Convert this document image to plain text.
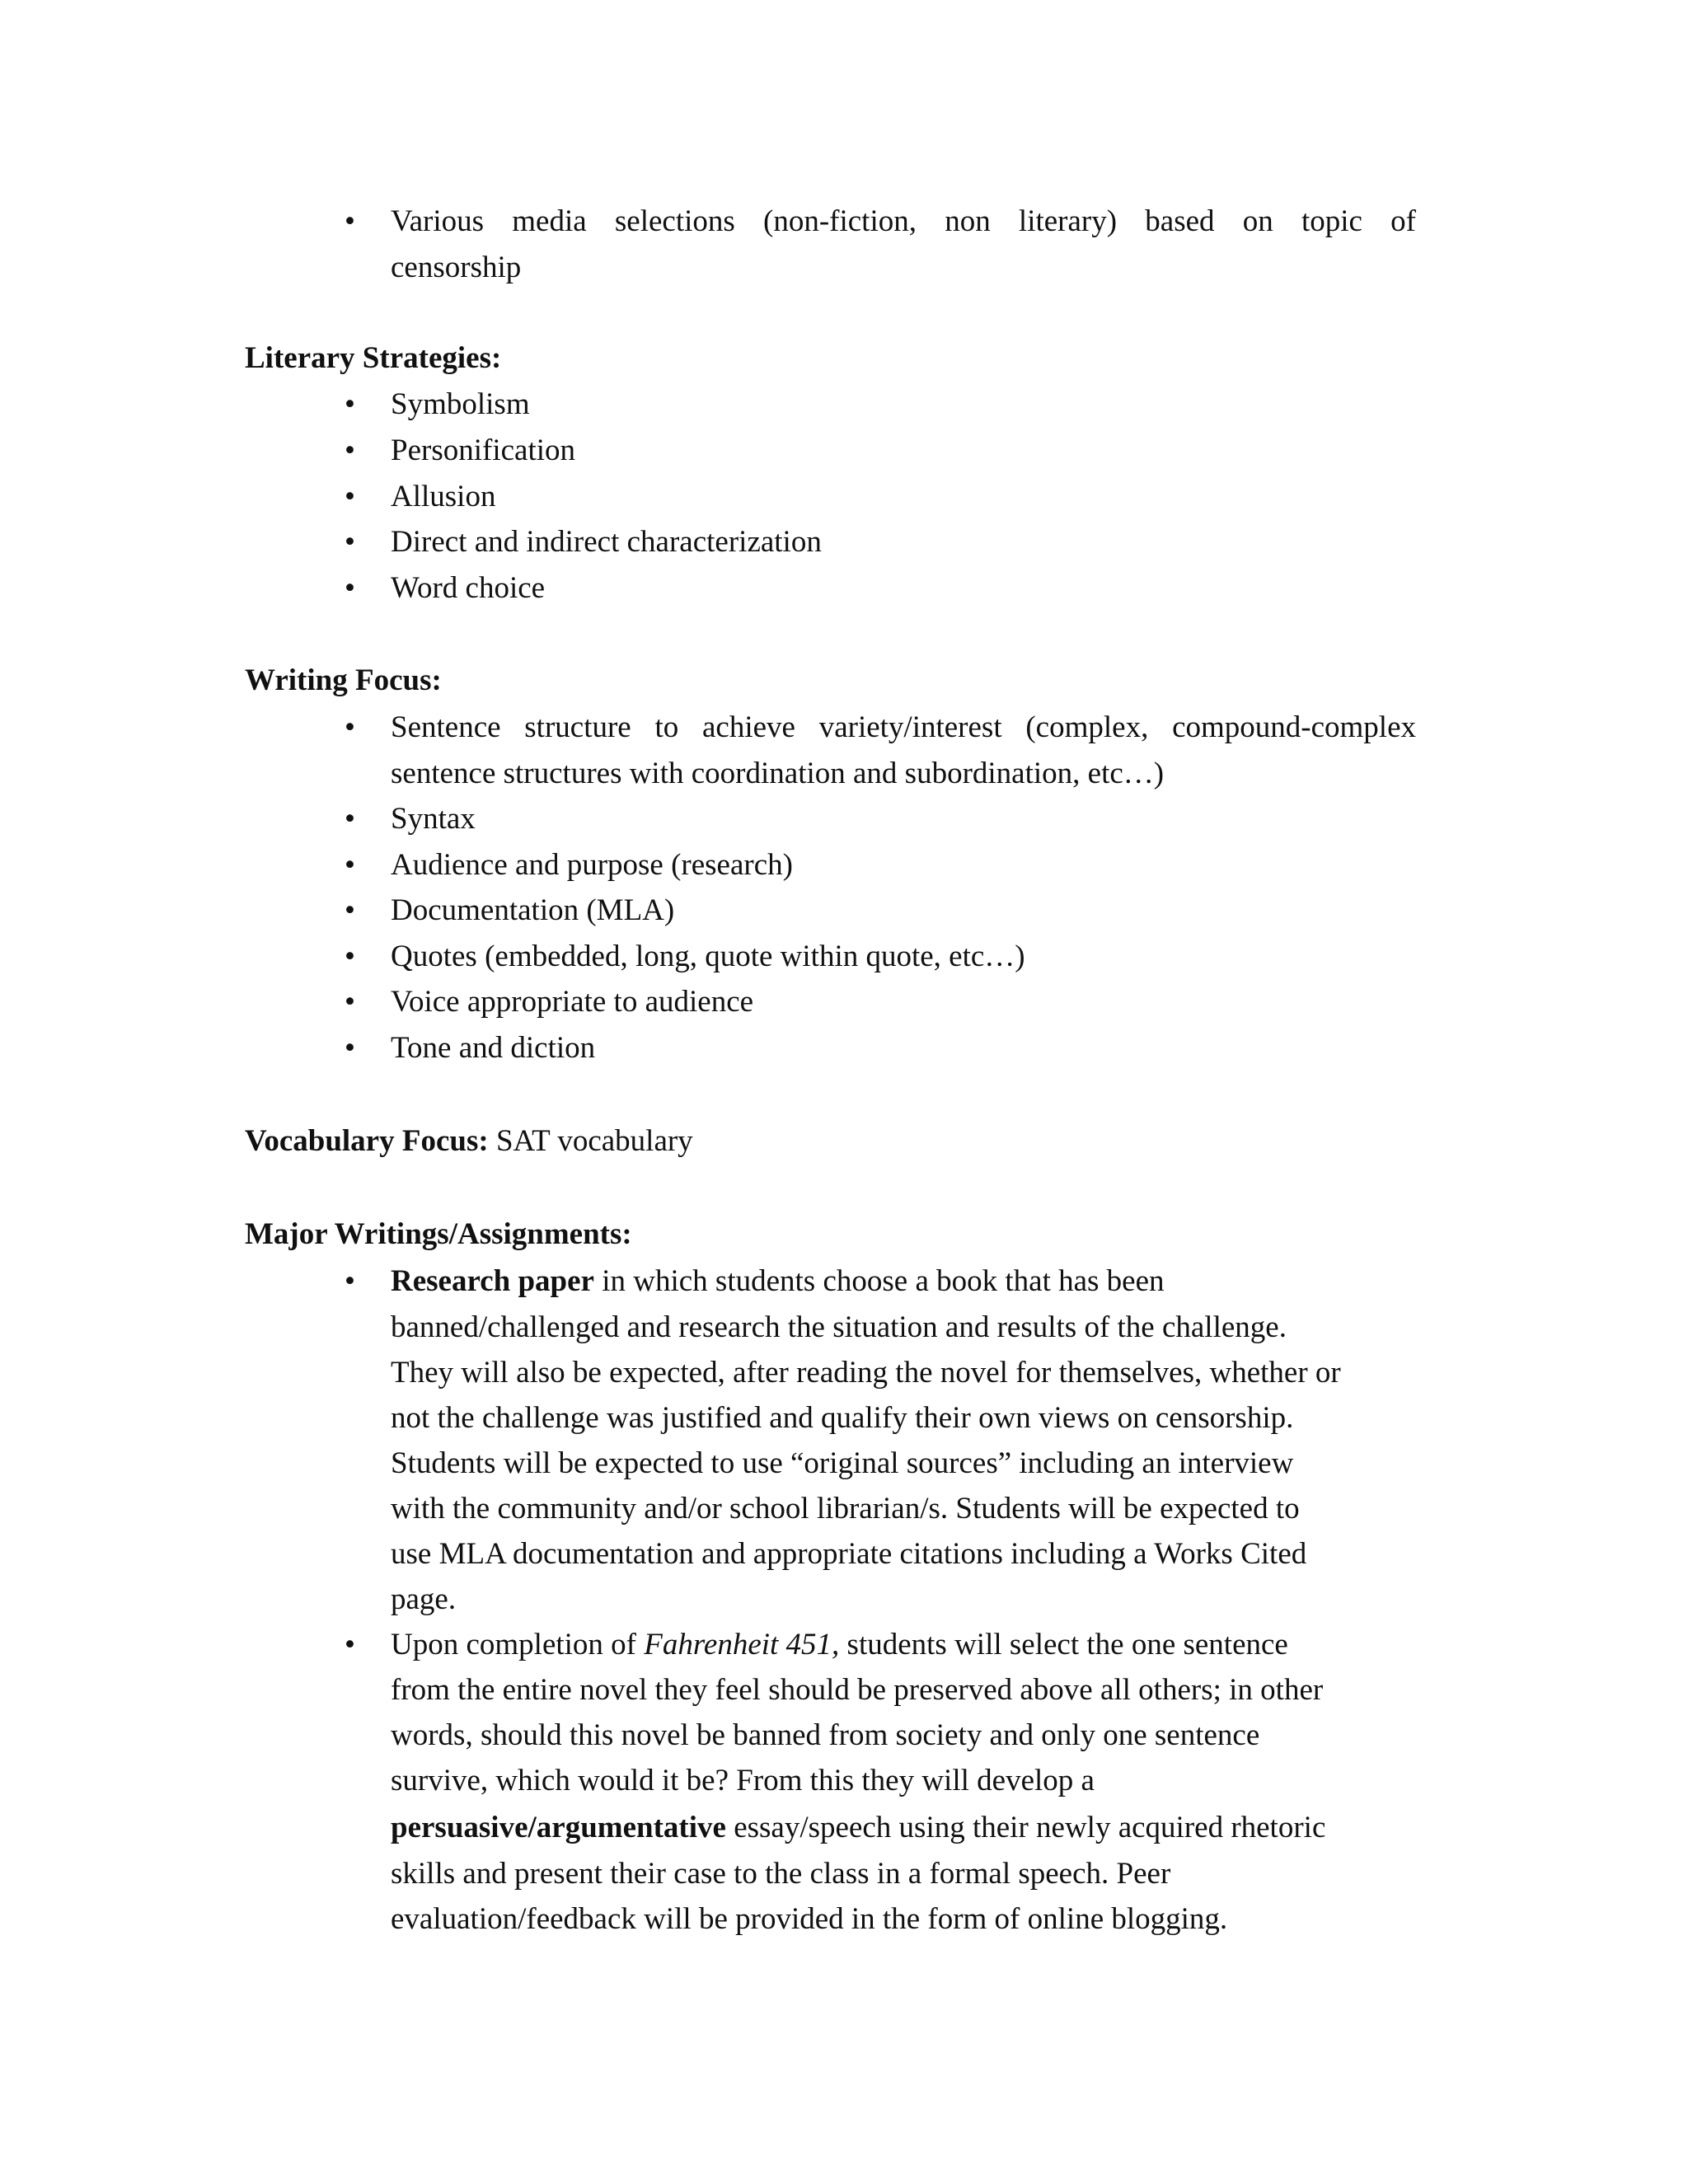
• Various media selections (non-fiction, non literary) based on topic of
censorship
Literary Strategies:
• Symbolism
• Personification
• Allusion
• Direct and indirect characterization
• Word choice
Writing Focus:
• Sentence structure to achieve variety/interest (complex, compound-complex
sentence structures with coordination and subordination, etc…)
• Syntax
• Audience and purpose (research)
• Documentation (MLA)
• Quotes (embedded, long, quote within quote, etc…)
• Voice appropriate to audience
• Tone and diction
Vocabulary Focus: SAT vocabulary
Major Writings/Assignments:
• Research paper in which students choose a book that has been
banned/challenged and research the situation and results of the challenge.
They will also be expected, after reading the novel for themselves, whether or
not the challenge was justified and qualify their own views on censorship.
Students will be expected to use “original sources” including an interview
with the community and/or school librarian/s. Students will be expected to
use MLA documentation and appropriate citations including a Works Cited
page.
• Upon completion of Fahrenheit 451, students will select the one sentence
from the entire novel they feel should be preserved above all others; in other
words, should this novel be banned from society and only one sentence
survive, which would it be? From this they will develop a
persuasive/argumentative essay/speech using their newly acquired rhetoric
skills and present their case to the class in a formal speech. Peer
evaluation/feedback will be provided in the form of online blogging.
